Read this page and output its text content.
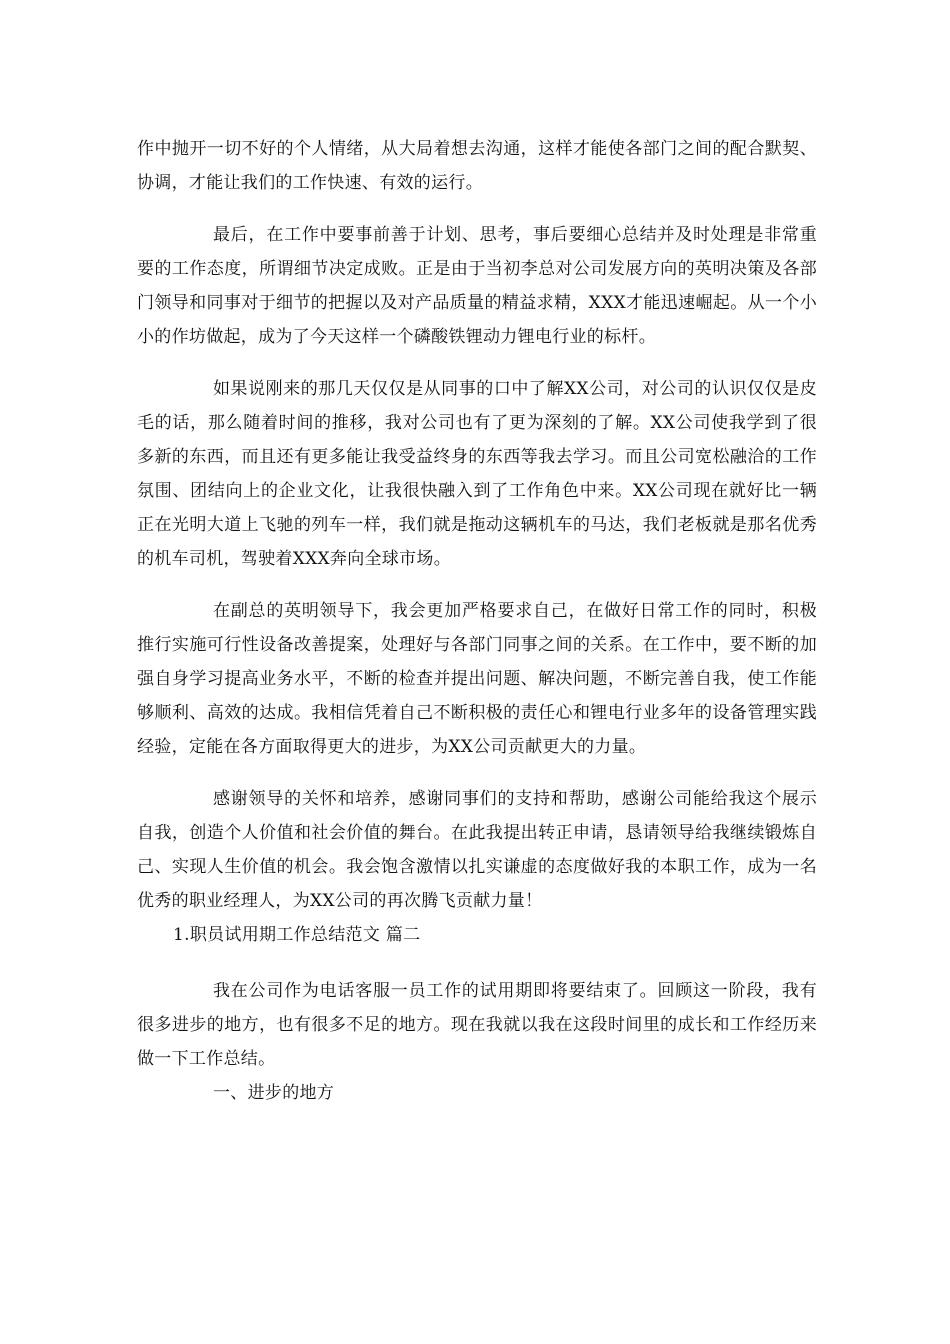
作中抛开一切不好的个人情绪，从大局着想去沟通，这样才能使各部门之间的配合默契、协调，才能让我们的工作快速、有效的运行。

最后，在工作中要事前善于计划、思考，事后要细心总结并及时处理是非常重要的工作态度，所谓细节决定成败。正是由于当初李总对公司发展方向的英明决策及各部门领导和同事对于细节的把握以及对产品质量的精益求精，XXX才能迅速崛起。从一个小小的作坊做起，成为了今天这样一个磷酸铁锂动力锂电行业的标杆。

如果说刚来的那几天仅仅是从同事的口中了解XX公司，对公司的认识仅仅是皮毛的话，那么随着时间的推移，我对公司也有了更为深刻的了解。XX公司使我学到了很多新的东西，而且还有更多能让我受益终身的东西等我去学习。而且公司宽松融洽的工作氛围、团结向上的企业文化，让我很快融入到了工作角色中来。XX公司现在就好比一辆正在光明大道上飞驰的列车一样，我们就是拖动这辆机车的马达，我们老板就是那名优秀的机车司机，驾驶着XXX奔向全球市场。

在副总的英明领导下，我会更加严格要求自己，在做好日常工作的同时，积极推行实施可行性设备改善提案，处理好与各部门同事之间的关系。在工作中，要不断的加强自身学习提高业务水平，不断的检查并提出问题、解决问题，不断完善自我，使工作能够顺利、高效的达成。我相信凭着自己不断积极的责任心和锂电行业多年的设备管理实践经验，定能在各方面取得更大的进步，为XX公司贡献更大的力量。

感谢领导的关怀和培养，感谢同事们的支持和帮助，感谢公司能给我这个展示自我，创造个人价值和社会价值的舞台。在此我提出转正申请，恳请领导给我继续锻炼自己、实现人生价值的机会。我会饱含激情以扎实谦虚的态度做好我的本职工作，成为一名优秀的职业经理人，为XX公司的再次腾飞贡献力量！

1.职员试用期工作总结范文 篇二

我在公司作为电话客服一员工作的试用期即将要结束了。回顾这一阶段，我有很多进步的地方，也有很多不足的地方。现在我就以我在这段时间里的成长和工作经历来做一下工作总结。

一、进步的地方
